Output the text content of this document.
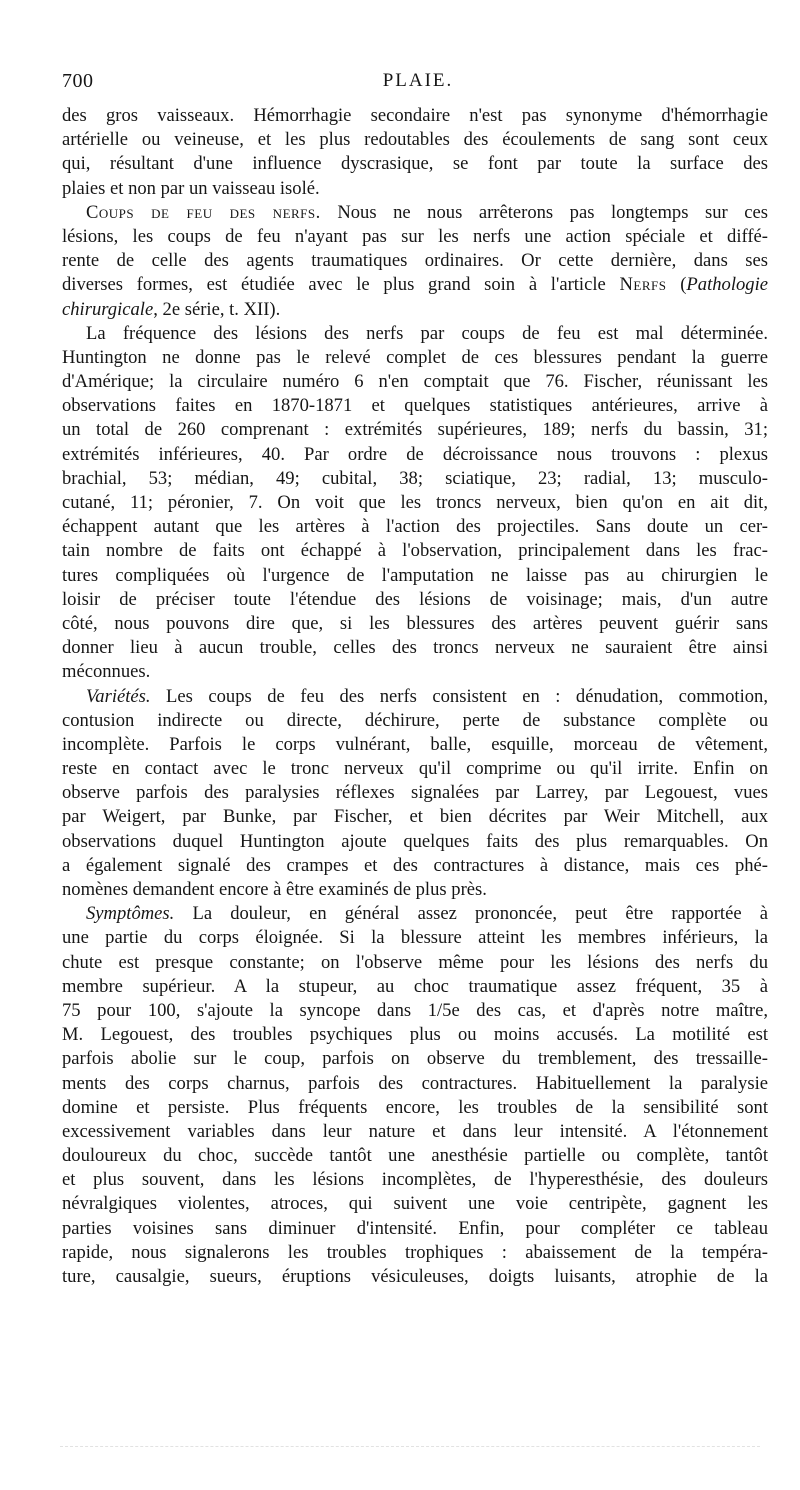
700	PLAIE.
des gros vaisseaux. Hémorrhagie secondaire n'est pas synonyme d'hémorrhagie
artérielle ou veineuse, et les plus redoutables des écoulements de sang sont ceux
qui, résultant d'une influence dyscrasique, se font par toute la surface des
plaies et non par un vaisseau isolé.
Coups de feu des nerfs. Nous ne nous arrêterons pas longtemps sur ces
lésions, les coups de feu n'ayant pas sur les nerfs une action spéciale et diffé-
rente de celle des agents traumatiques ordinaires. Or cette dernière, dans ses
diverses formes, est étudiée avec le plus grand soin à l'article Nerfs (Pathologie
chirurgicale, 2e série, t. XII).
La fréquence des lésions des nerfs par coups de feu est mal déterminée.
Huntington ne donne pas le relevé complet de ces blessures pendant la guerre
d'Amérique; la circulaire numéro 6 n'en comptait que 76. Fischer, réunissant les
observations faites en 1870-1871 et quelques statistiques antérieures, arrive à
un total de 260 comprenant : extrémités supérieures, 189; nerfs du bassin, 31;
extrémités inférieures, 40. Par ordre de décroissance nous trouvons : plexus
brachial, 53; médian, 49; cubital, 38; sciatique, 23; radial, 13; musculo-
cutané, 11; péronier, 7. On voit que les troncs nerveux, bien qu'on en ait dit,
échappent autant que les artères à l'action des projectiles. Sans doute un cer-
tain nombre de faits ont échappé à l'observation, principalement dans les frac-
tures compliquées où l'urgence de l'amputation ne laisse pas au chirurgien le
loisir de préciser toute l'étendue des lésions de voisinage; mais, d'un autre
côté, nous pouvons dire que, si les blessures des artères peuvent guérir sans
donner lieu à aucun trouble, celles des troncs nerveux ne sauraient être ainsi
méconnues.
Variétés. Les coups de feu des nerfs consistent en : dénudation, commotion,
contusion indirecte ou directe, déchirure, perte de substance complète ou
incomplète. Parfois le corps vulnérant, balle, esquille, morceau de vêtement,
reste en contact avec le tronc nerveux qu'il comprime ou qu'il irrite. Enfin on
observe parfois des paralysies réflexes signalées par Larrey, par Legouest, vues
par Weigert, par Bunke, par Fischer, et bien décrites par Weir Mitchell, aux
observations duquel Huntington ajoute quelques faits des plus remarquables. On
a également signalé des crampes et des contractures à distance, mais ces phé-
nomènes demandent encore à être examinés de plus près.
Symptômes. La douleur, en général assez prononcée, peut être rapportée à
une partie du corps éloignée. Si la blessure atteint les membres inférieurs, la
chute est presque constante; on l'observe même pour les lésions des nerfs du
membre supérieur. A la stupeur, au choc traumatique assez fréquent, 35 à
75 pour 100, s'ajoute la syncope dans 1/5e des cas, et d'après notre maître,
M. Legouest, des troubles psychiques plus ou moins accusés. La motilité est
parfois abolie sur le coup, parfois on observe du tremblement, des tressaille-
ments des corps charnus, parfois des contractures. Habituellement la paralysie
domine et persiste. Plus fréquents encore, les troubles de la sensibilité sont
excessivement variables dans leur nature et dans leur intensité. A l'étonnement
douloureux du choc, succède tantôt une anesthésie partielle ou complète, tantôt
et plus souvent, dans les lésions incomplètes, de l'hyperesthésie, des douleurs
névralgiques violentes, atroces, qui suivent une voie centripète, gagnent les
parties voisines sans diminuer d'intensité. Enfin, pour compléter ce tableau
rapide, nous signalerons les troubles trophiques : abaissement de la tempéra-
ture, causalgie, sueurs, éruptions vésiculeuses, doigts luisants, atrophie de la
